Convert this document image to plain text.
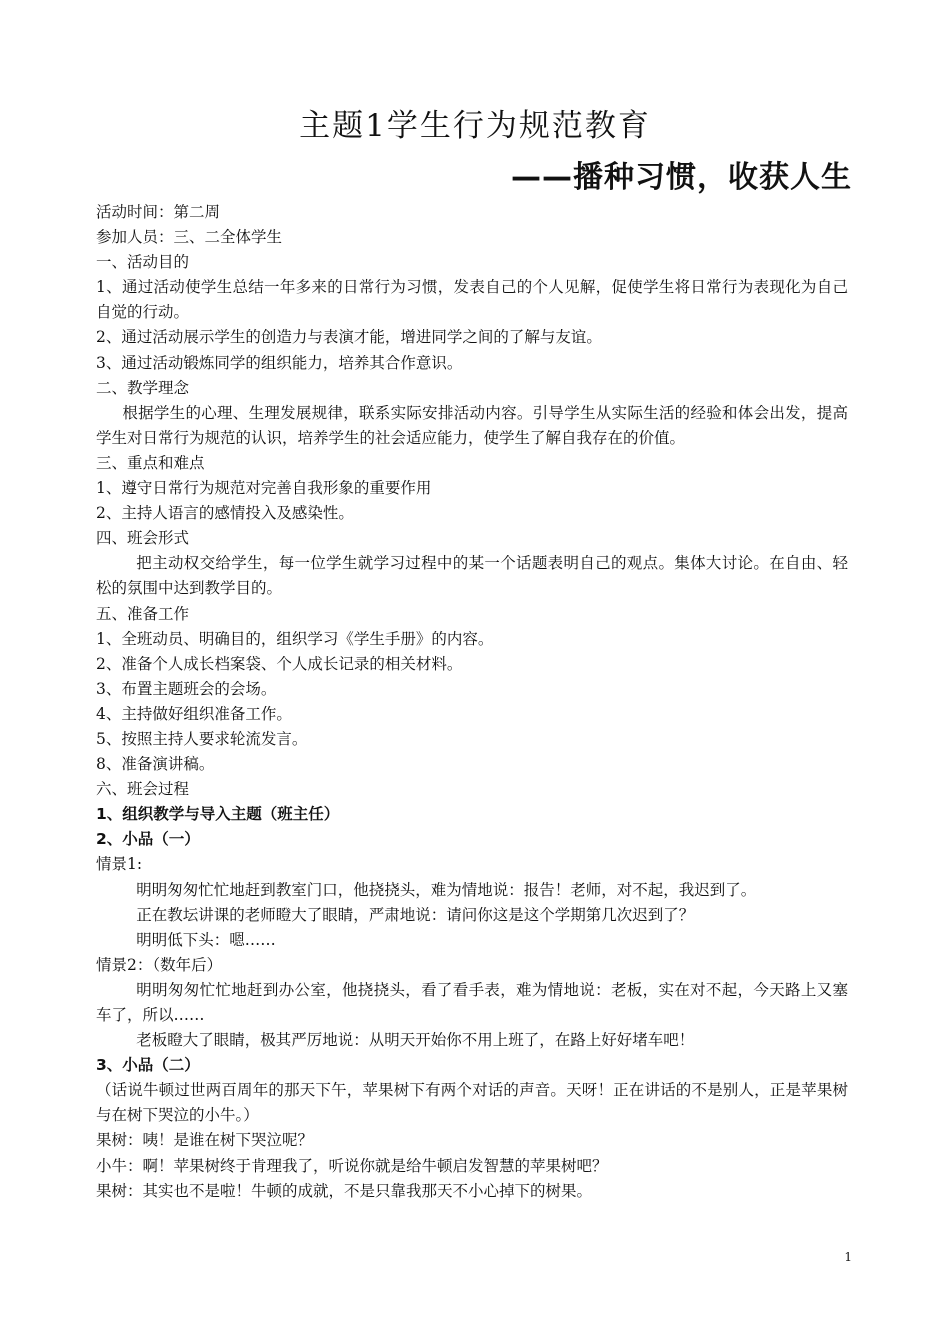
主题1学生行为规范教育
——播种习惯，收获人生

活动时间：第二周

参加人员：三、二全体学生

一、活动目的

1、通过活动使学生总结一年多来的日常行为习惯，发表自己的个人见解，促使学生将日常行为表现化为自己自觉的行动。

2、通过活动展示学生的创造力与表演才能，增进同学之间的了解与友谊。

3、通过活动锻炼同学的组织能力，培养其合作意识。

二、教学理念

根据学生的心理、生理发展规律，联系实际安排活动内容。引导学生从实际生活的经验和体会出发，提高学生对日常行为规范的认识，培养学生的社会适应能力，使学生了解自我存在的价值。

三、重点和难点

1、遵守日常行为规范对完善自我形象的重要作用

2、主持人语言的感情投入及感染性。

四、班会形式

把主动权交给学生，每一位学生就学习过程中的某一个话题表明自己的观点。集体大讨论。在自由、轻松的氛围中达到教学目的。

五、准备工作

1、全班动员、明确目的，组织学习《学生手册》的内容。

2、准备个人成长档案袋、个人成长记录的相关材料。

3、布置主题班会的会场。

4、主持做好组织准备工作。

5、按照主持人要求轮流发言。

8、准备演讲稿。

六、班会过程

1、组织教学与导入主题（班主任）

2、小品（一）

情景1:

明明匆匆忙忙地赶到教室门口，他挠挠头，难为情地说：报告！老师，对不起，我迟到了。

正在教坛讲课的老师瞪大了眼睛，严肃地说：请问你这是这个学期第几次迟到了？

明明低下头：嗯……

情景2：（数年后）

明明匆匆忙忙地赶到办公室，他挠挠头，看了看手表，难为情地说：老板，实在对不起，今天路上又塞车了，所以……

老板瞪大了眼睛，极其严厉地说：从明天开始你不用上班了，在路上好好堵车吧！

3、小品（二）

（话说牛顿过世两百周年的那天下午，苹果树下有两个对话的声音。天呀！正在讲话的不是别人，正是苹果树与在树下哭泣的小牛。）

果树：咦！是谁在树下哭泣呢？

小牛：啊！苹果树终于肯理我了，听说你就是给牛顿启发智慧的苹果树吧？

果树：其实也不是啦！牛顿的成就，不是只靠我那天不小心掉下的树果。

1
